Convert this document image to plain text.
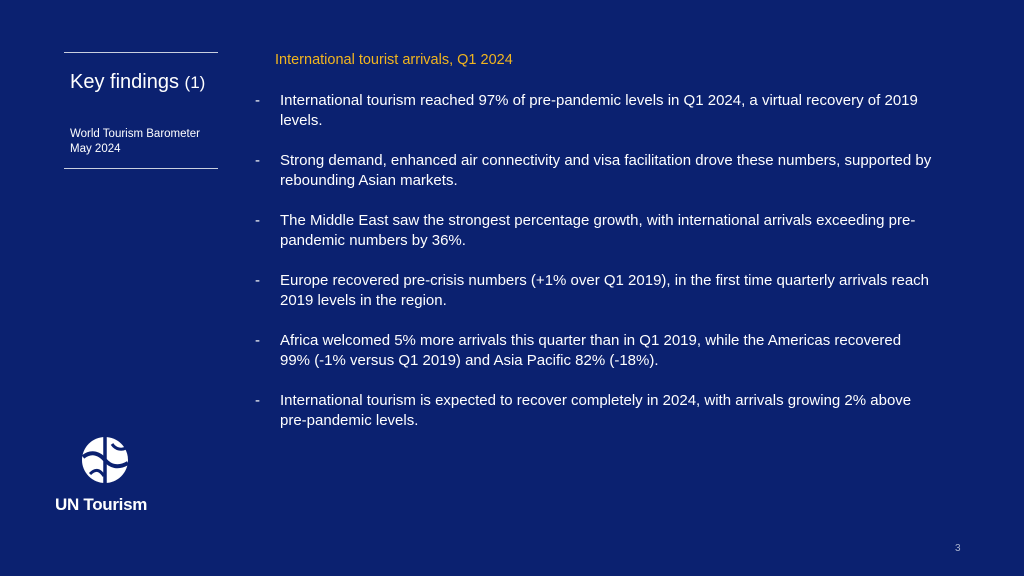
Key findings (1)
World Tourism Barometer
May 2024
UN Tourism
International tourist arrivals, Q1 2024
- International tourism reached 97% of pre-pandemic levels in Q1 2024, a virtual recovery of 2019 levels.
- Strong demand, enhanced air connectivity and visa facilitation drove these numbers, supported by rebounding Asian markets.
- The Middle East saw the strongest percentage growth, with international arrivals exceeding pre-pandemic numbers by 36%.
- Europe recovered pre-crisis numbers (+1% over Q1 2019), in the first time quarterly arrivals reach 2019 levels in the region.
- Africa welcomed 5% more arrivals this quarter than in Q1 2019, while the Americas recovered 99% (-1% versus Q1 2019) and Asia Pacific 82% (-18%).
- International tourism is expected to recover completely in 2024, with arrivals growing 2% above pre-pandemic levels.
3
